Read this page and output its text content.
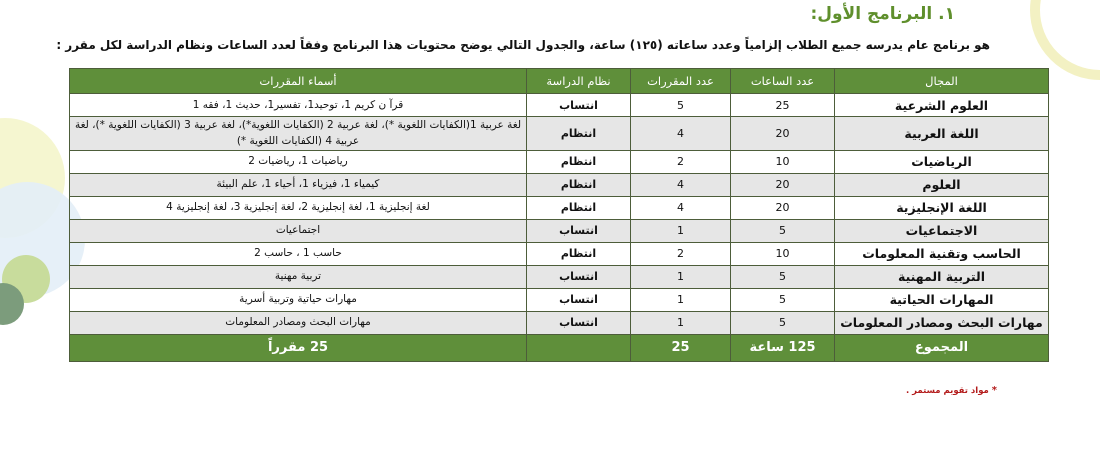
١. البرنامج الأول:
هو برنامج عام يدرسه جميع الطلاب إلزامياً وعدد ساعاته (١٢٥) ساعة، والجدول التالي يوضح محتويات هذا البرنامج وفقاً لعدد الساعات ونظام الدراسة لكل مقرر :
المجال	عدد الساعات	عدد المقررات	نظام الدراسة	أسماء المقررات
العلوم الشرعية	25	5	انتساب	قرآ ن كريم 1، توحيد1، تفسير1، حديث 1، فقه 1
اللغة العربية	20	4	انتظام	لغة عربية 1(الكفايات اللغوية *)، لغة عربية 2 (الكفايات اللغوية*)، لغة عربية 3 (الكفايات اللغوية *)، لغة عربية 4 (الكفايات اللغوية *)
الرياضيات	10	2	انتظام	رياضيات 1، رياضيات 2
العلوم	20	4	انتظام	كيمياء 1، فيزياء 1، أحياء 1، علم البيئة
اللغة الإنجليزية	20	4	انتظام	لغة إنجليزية 1، لغة إنجليزية 2، لغة إنجليزية 3، لغة إنجليزية 4
الاجتماعيات	5	1	انتساب	اجتماعيات
الحاسب وتقنية المعلومات	10	2	انتظام	حاسب 1 ، حاسب 2
التربية المهنية	5	1	انتساب	تربية مهنية
المهارات الحياتية	5	1	انتساب	مهارات حياتية وتربية أسرية
مهارات البحث ومصادر المعلومات	5	1	انتساب	مهارات البحث ومصادر المعلومات
المجموع	125 ساعة	25		25 مقرراً
* مواد تقويم مستمر .
